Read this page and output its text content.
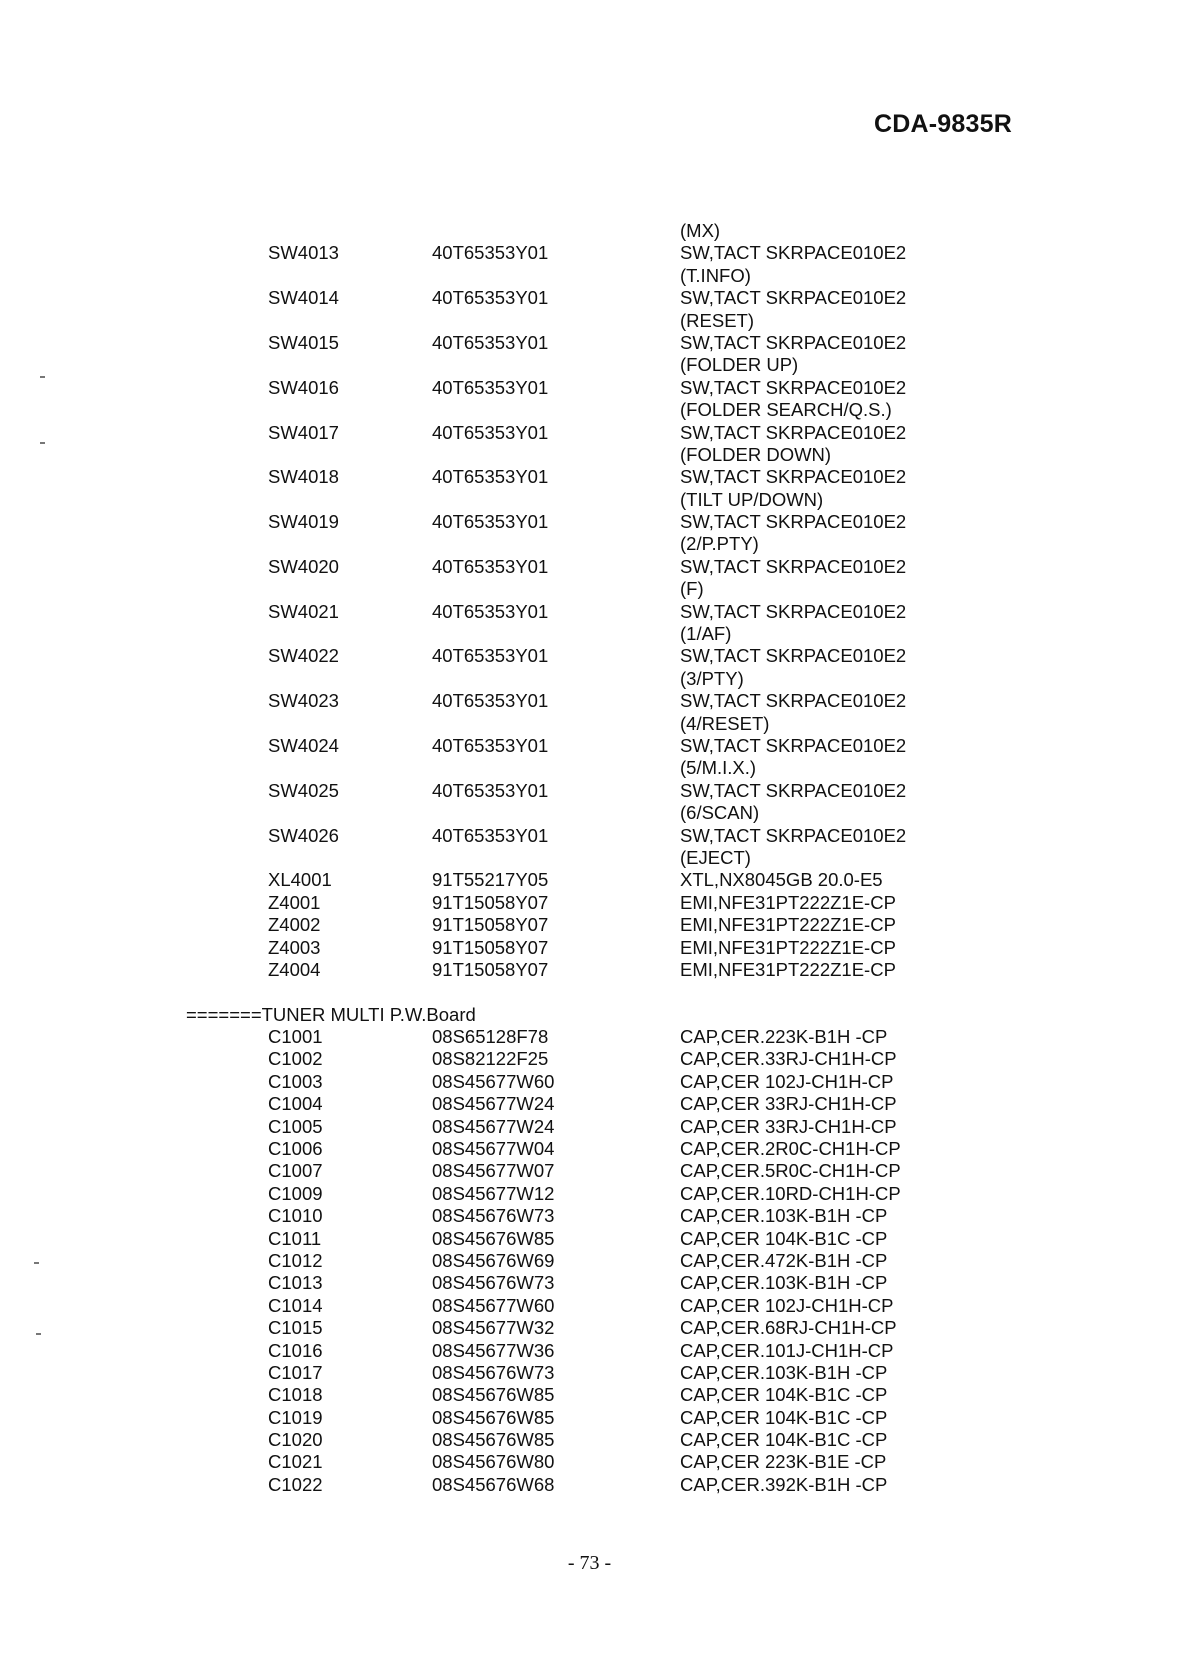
CDA-9835R
(MX)
SW4013	40T65353Y01	SW,TACT SKRPACE010E2
(T.INFO)
SW4014	40T65353Y01	SW,TACT SKRPACE010E2
(RESET)
SW4015	40T65353Y01	SW,TACT SKRPACE010E2
(FOLDER UP)
SW4016	40T65353Y01	SW,TACT SKRPACE010E2
(FOLDER SEARCH/Q.S.)
SW4017	40T65353Y01	SW,TACT SKRPACE010E2
(FOLDER DOWN)
SW4018	40T65353Y01	SW,TACT SKRPACE010E2
(TILT UP/DOWN)
SW4019	40T65353Y01	SW,TACT SKRPACE010E2
(2/P.PTY)
SW4020	40T65353Y01	SW,TACT SKRPACE010E2
(F)
SW4021	40T65353Y01	SW,TACT SKRPACE010E2
(1/AF)
SW4022	40T65353Y01	SW,TACT SKRPACE010E2
(3/PTY)
SW4023	40T65353Y01	SW,TACT SKRPACE010E2
(4/RESET)
SW4024	40T65353Y01	SW,TACT SKRPACE010E2
(5/M.I.X.)
SW4025	40T65353Y01	SW,TACT SKRPACE010E2
(6/SCAN)
SW4026	40T65353Y01	SW,TACT SKRPACE010E2
(EJECT)
XL4001	91T55217Y05	XTL,NX8045GB 20.0-E5
Z4001	91T15058Y07	EMI,NFE31PT222Z1E-CP
Z4002	91T15058Y07	EMI,NFE31PT222Z1E-CP
Z4003	91T15058Y07	EMI,NFE31PT222Z1E-CP
Z4004	91T15058Y07	EMI,NFE31PT222Z1E-CP
=======TUNER MULTI P.W.Board
C1001	08S65128F78	CAP,CER.223K-B1H -CP
C1002	08S82122F25	CAP,CER.33RJ-CH1H-CP
C1003	08S45677W60	CAP,CER 102J-CH1H-CP
C1004	08S45677W24	CAP,CER 33RJ-CH1H-CP
C1005	08S45677W24	CAP,CER 33RJ-CH1H-CP
C1006	08S45677W04	CAP,CER.2R0C-CH1H-CP
C1007	08S45677W07	CAP,CER.5R0C-CH1H-CP
C1009	08S45677W12	CAP,CER.10RD-CH1H-CP
C1010	08S45676W73	CAP,CER.103K-B1H -CP
C1011	08S45676W85	CAP,CER 104K-B1C -CP
C1012	08S45676W69	CAP,CER.472K-B1H -CP
C1013	08S45676W73	CAP,CER.103K-B1H -CP
C1014	08S45677W60	CAP,CER 102J-CH1H-CP
C1015	08S45677W32	CAP,CER.68RJ-CH1H-CP
C1016	08S45677W36	CAP,CER.101J-CH1H-CP
C1017	08S45676W73	CAP,CER.103K-B1H -CP
C1018	08S45676W85	CAP,CER 104K-B1C -CP
C1019	08S45676W85	CAP,CER 104K-B1C -CP
C1020	08S45676W85	CAP,CER 104K-B1C -CP
C1021	08S45676W80	CAP,CER 223K-B1E -CP
C1022	08S45676W68	CAP,CER.392K-B1H -CP
- 73 -
